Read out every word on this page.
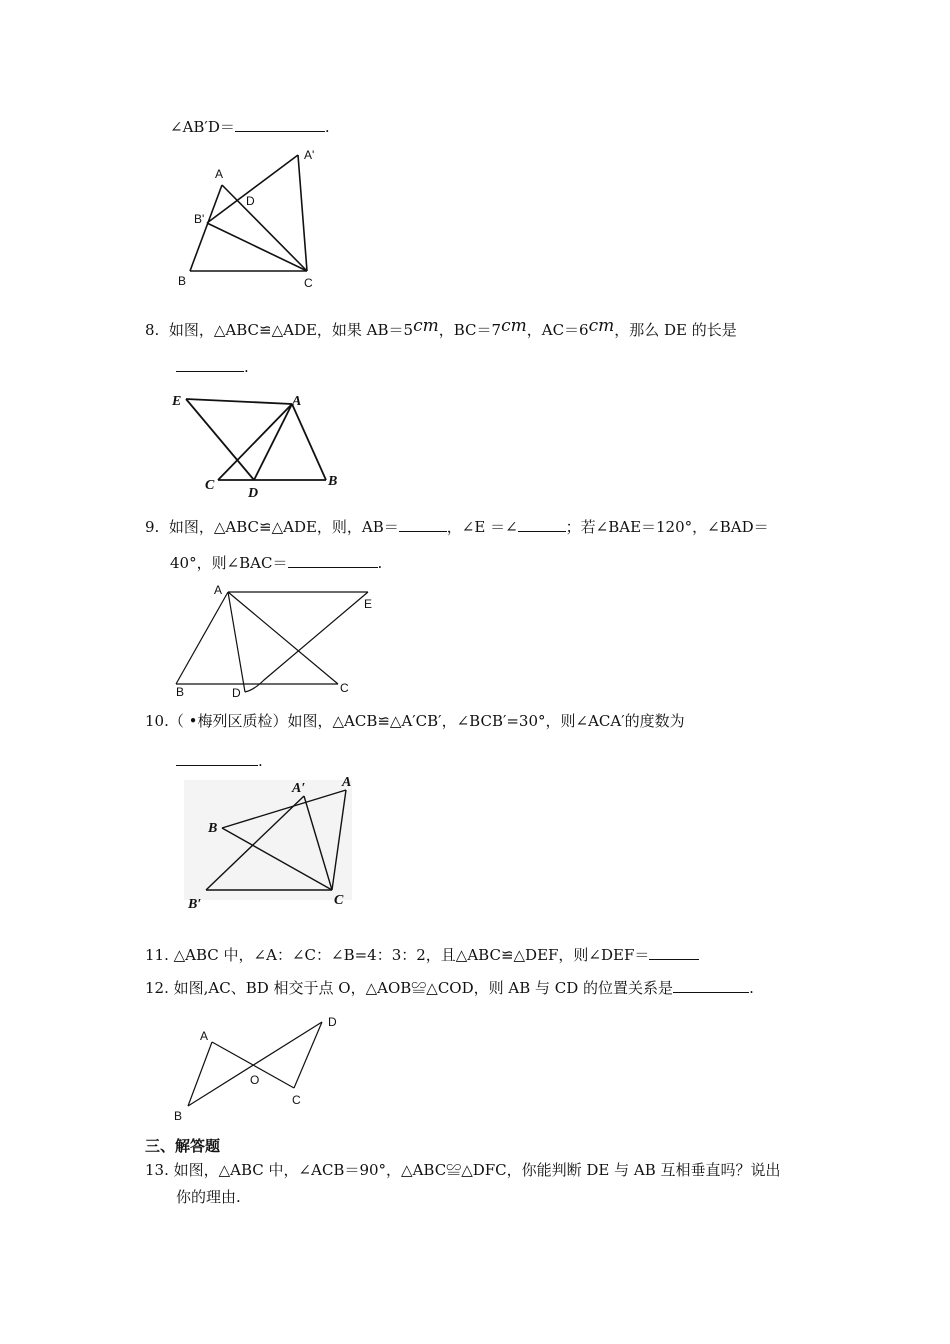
∠AB′D＝	.
A
A'
B'
D
B	C
8. 如图，△ABC≌△ADE，如果 AB＝5cm，BC＝7cm，AC＝6cm，那么 DE 的长是
.
E	A
C
D
B
9. 如图，△ABC≌△ADE，则，AB＝	，∠E ＝∠	；若∠BAE＝120°，∠BAD＝
40°，则∠BAC＝	.
A
E
B	D	C
10.（ •梅列区质检）如图，△ACB≌△A′CB′，∠BCB′=30°，则∠ACA′的度数为
.
A′	A
B
B′	C
11. △ABC 中，∠A：∠C：∠B=4：3：2，且△ABC≌△DEF，则∠DEF＝
12. 如图,AC、BD 相交于点 O，△AOB≌△COD，则 AB 与 CD 的位置关系是	.
A
D
O
B
C
三、解答题
13. 如图，△ABC 中，∠ACB＝90°，△ABC≌△DFC，你能判断 DE 与 AB 互相垂直吗？说出
你的理由.
